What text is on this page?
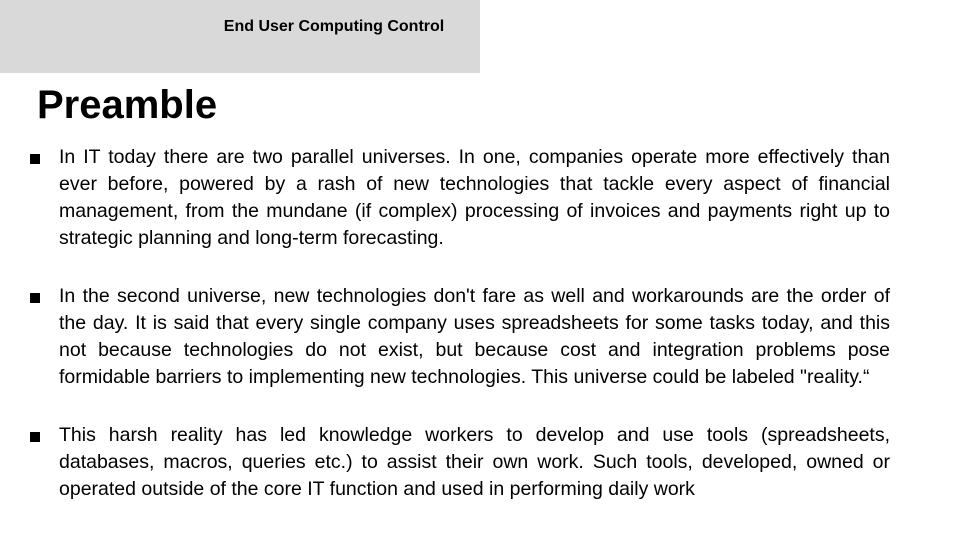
End User Computing Control
Preamble
In IT today there are two parallel universes. In one, companies operate more effectively than ever before, powered by a rash of new technologies that tackle every aspect of financial management, from the mundane (if complex) processing of invoices and payments right up to strategic planning and long-term forecasting.
In the second universe, new technologies don't fare as well and workarounds are the order of the day. It is said that every single company uses spreadsheets for some tasks today, and this not because technologies do not exist, but because cost and integration problems pose formidable barriers to implementing new technologies. This universe could be labeled "reality.“
This harsh reality has led knowledge workers to develop and use tools (spreadsheets, databases, macros, queries etc.) to assist their own work. Such tools, developed, owned or operated outside of the core IT function and used in performing daily work
